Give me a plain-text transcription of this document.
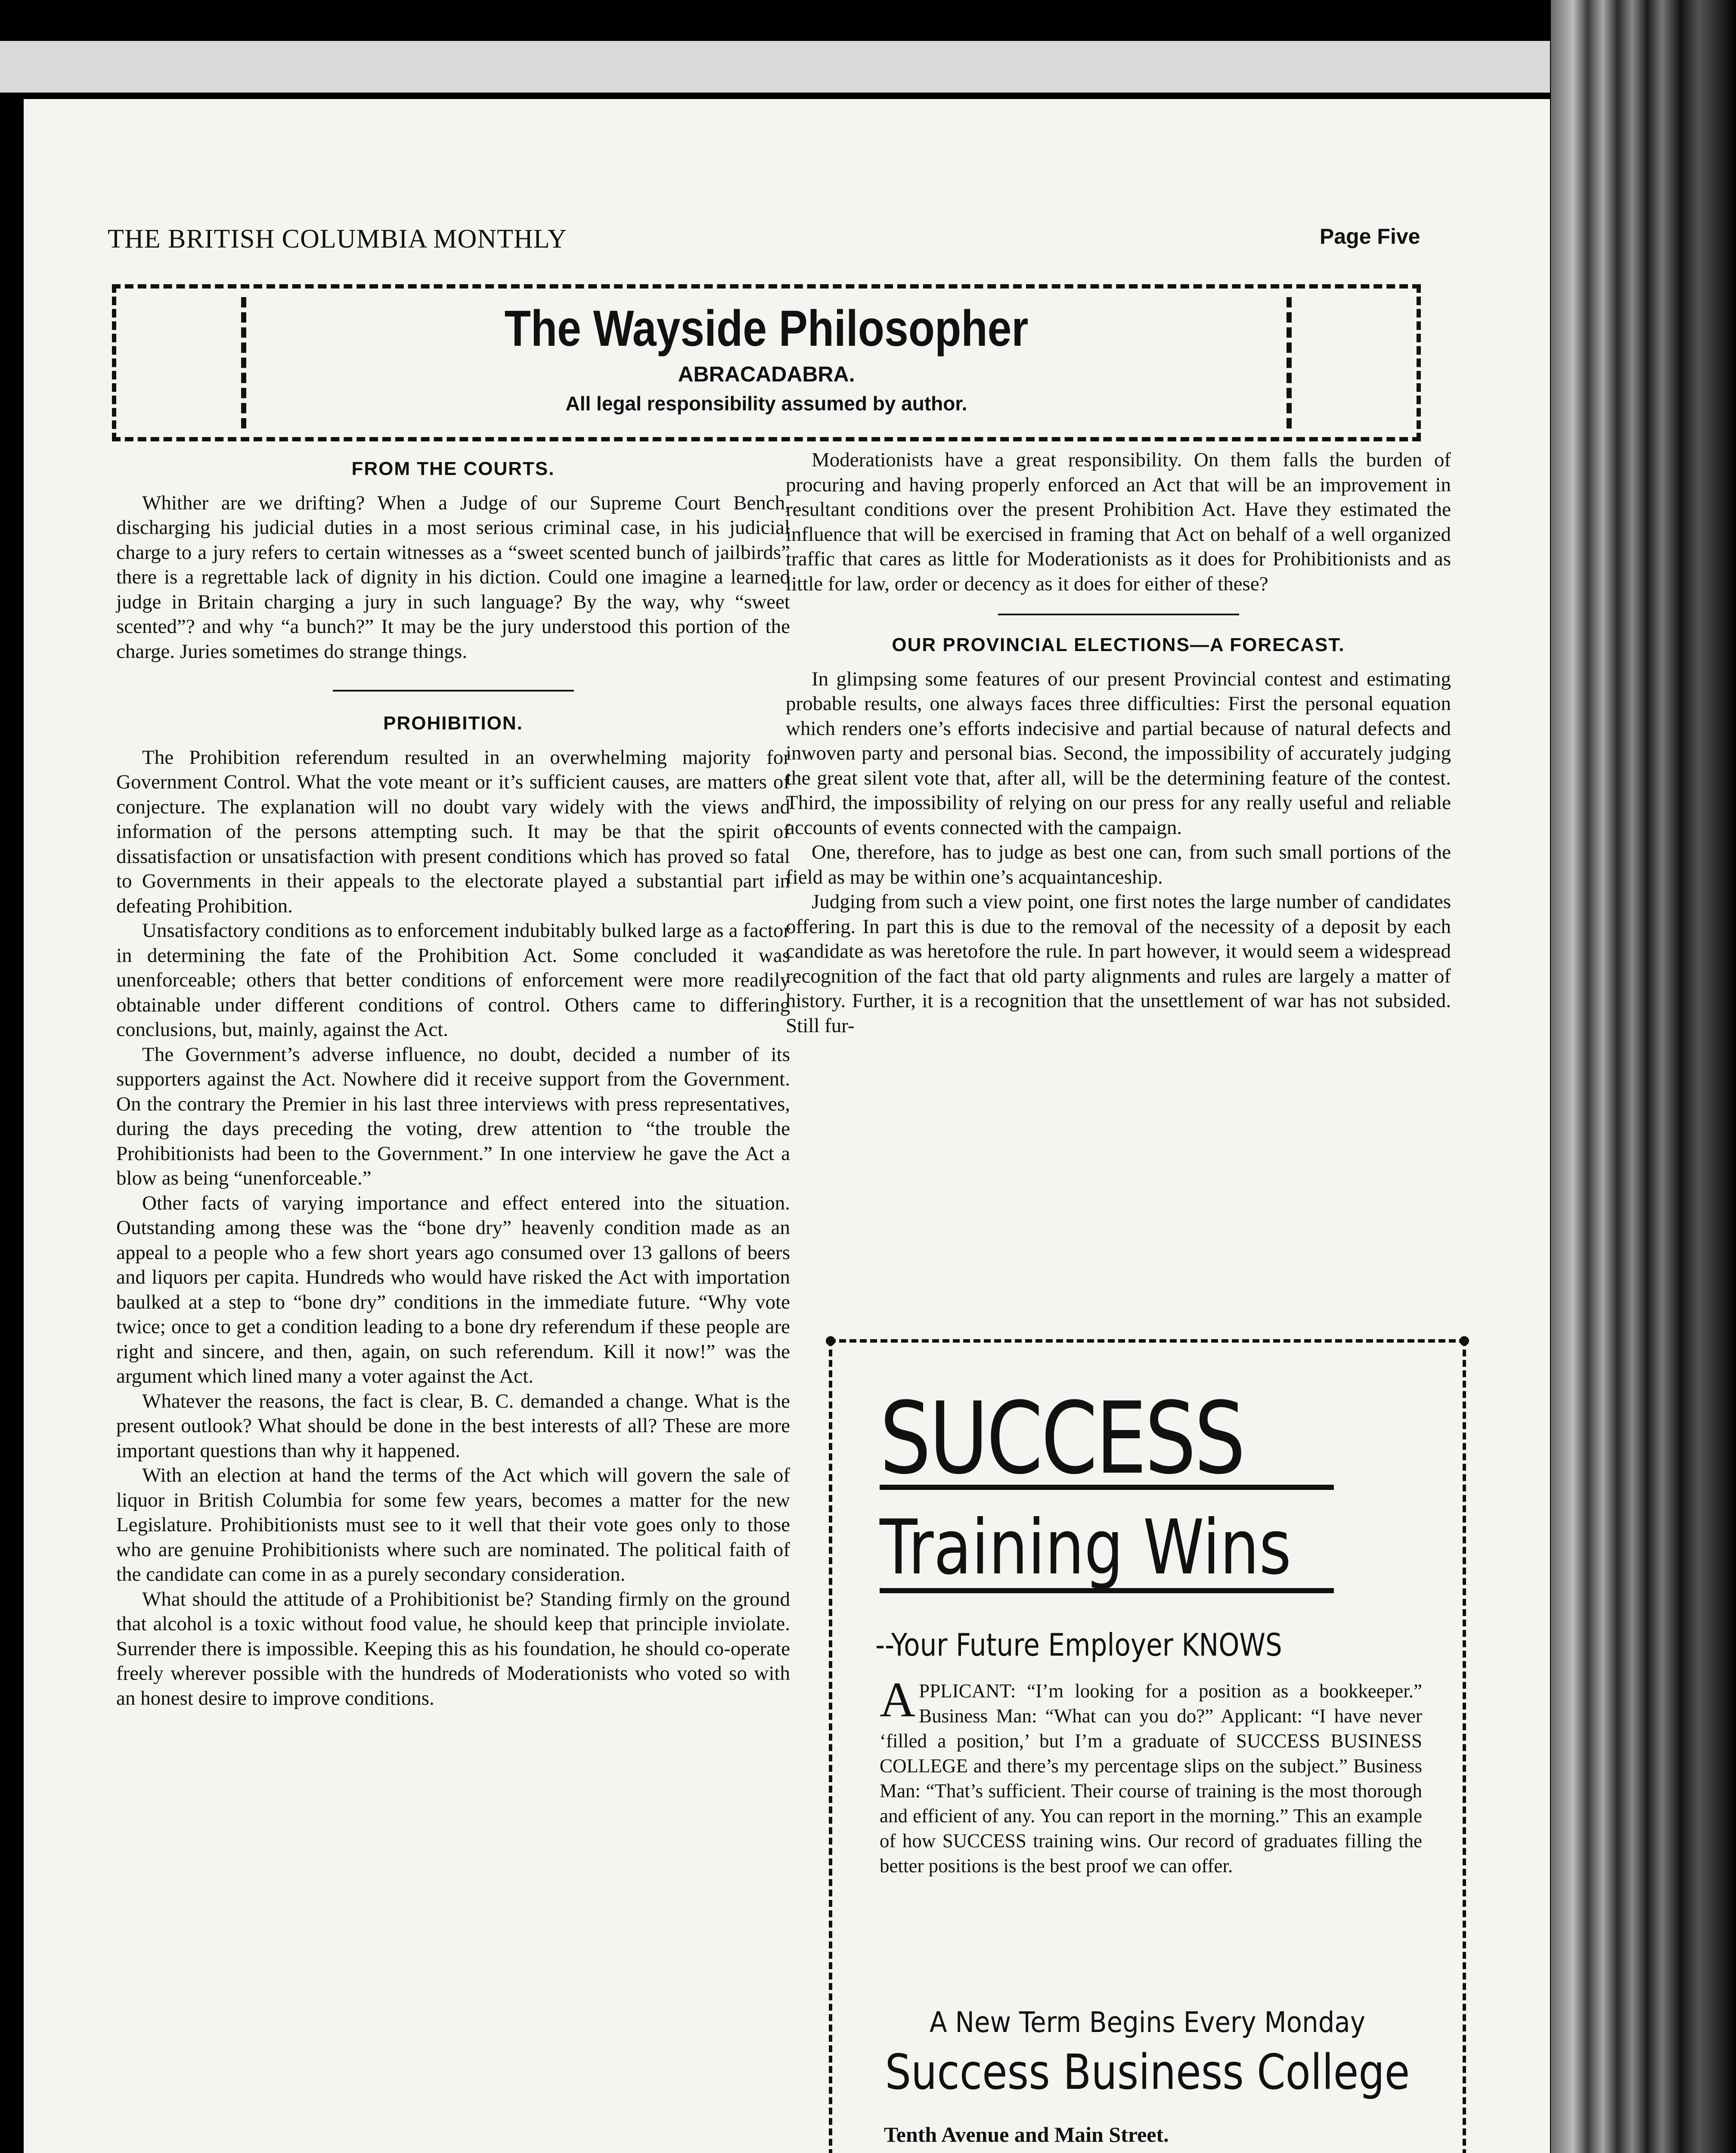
THE BRITISH COLUMBIA MONTHLY	Page Five
The Wayside Philosopher
ABRACADABRA.
All legal responsibility assumed by author.
FROM THE COURTS.

Whither are we drifting? When a Judge of our Supreme Court Bench, discharging his judicial duties in a most serious criminal case, in his judicial charge to a jury refers to certain witnesses as a “sweet scented bunch of jailbirds” there is a regrettable lack of dignity in his diction. Could one imagine a learned judge in Britain charging a jury in such language? By the way, why “sweet scented”? and why “a bunch?” It may be the jury understood this portion of the charge. Juries sometimes do strange things.

PROHIBITION.

The Prohibition referendum resulted in an overwhelming majority for Government Control. What the vote meant or it’s sufficient causes, are matters of conjecture. The explanation will no doubt vary widely with the views and information of the persons attempting such. It may be that the spirit of dissatisfaction or unsatisfaction with present conditions which has proved so fatal to Governments in their appeals to the electorate played a substantial part in defeating Prohibition.

Unsatisfactory conditions as to enforcement indubitably bulked large as a factor in determining the fate of the Prohibition Act. Some concluded it was unenforceable; others that better conditions of enforcement were more readily obtainable under different conditions of control. Others came to differing conclusions, but, mainly, against the Act.

The Government’s adverse influence, no doubt, decided a number of its supporters against the Act. Nowhere did it receive support from the Government. On the contrary the Premier in his last three interviews with press representatives, during the days preceding the voting, drew attention to “the trouble the Prohibitionists had been to the Government.” In one interview he gave the Act a blow as being “unenforceable.”

Other facts of varying importance and effect entered into the situation. Outstanding among these was the “bone dry” heavenly condition made as an appeal to a people who a few short years ago consumed over 13 gallons of beers and liquors per capita. Hundreds who would have risked the Act with importation baulked at a step to “bone dry” conditions in the immediate future. “Why vote twice; once to get a condition leading to a bone dry referendum if these people are right and sincere, and then, again, on such referendum. Kill it now!” was the argument which lined many a voter against the Act.

Whatever the reasons, the fact is clear, B. C. demanded a change. What is the present outlook? What should be done in the best interests of all? These are more important questions than why it happened.

With an election at hand the terms of the Act which will govern the sale of liquor in British Columbia for some few years, becomes a matter for the new Legislature. Prohibitionists must see to it well that their vote goes only to those who are genuine Prohibitionists where such are nominated. The political faith of the candidate can come in as a purely secondary consideration.

What should the attitude of a Prohibitionist be? Standing firmly on the ground that alcohol is a toxic without food value, he should keep that principle inviolate. Surrender there is impossible. Keeping this as his foundation, he should co-operate freely wherever possible with the hundreds of Moderationists who voted so with an honest desire to improve conditions.

Moderationists have a great responsibility. On them falls the burden of procuring and having properly enforced an Act that will be an improvement in resultant conditions over the present Prohibition Act. Have they estimated the influence that will be exercised in framing that Act on behalf of a well organized traffic that cares as little for Moderationists as it does for Prohibitionists and as little for law, order or decency as it does for either of these?

OUR PROVINCIAL ELECTIONS—A FORECAST.

In glimpsing some features of our present Provincial contest and estimating probable results, one always faces three difficulties: First the personal equation which renders one’s efforts indecisive and partial because of natural defects and inwoven party and personal bias. Second, the impossibility of accurately judging the great silent vote that, after all, will be the determining feature of the contest. Third, the impossibility of relying on our press for any really useful and reliable accounts of events connected with the campaign.

One, therefore, has to judge as best one can, from such small portions of the field as may be within one’s acquaintanceship.

Judging from such a view point, one first notes the large number of candidates offering. In part this is due to the removal of the necessity of a deposit by each candidate as was heretofore the rule. In part however, it would seem a widespread recognition of the fact that old party alignments and rules are largely a matter of history. Further, it is a recognition that the unsettlement of war has not subsided. Still fur-

SUCCESS
Training Wins
--Your Future Employer KNOWS
APPLICANT: “I’m looking for a position as a bookkeeper.” Business Man: “What can you do?” Applicant: “I have never ‘filled a position,’ but I’m a graduate of SUCCESS BUSINESS COLLEGE and there’s my percentage slips on the subject.” Business Man: “That’s sufficient. Their course of training is the most thorough and efficient of any. You can report in the morning.” This an example of how SUCCESS training wins. Our record of graduates filling the better positions is the best proof we can offer.
A New Term Begins Every Monday
Success Business College
Tenth Avenue and Main Street.
